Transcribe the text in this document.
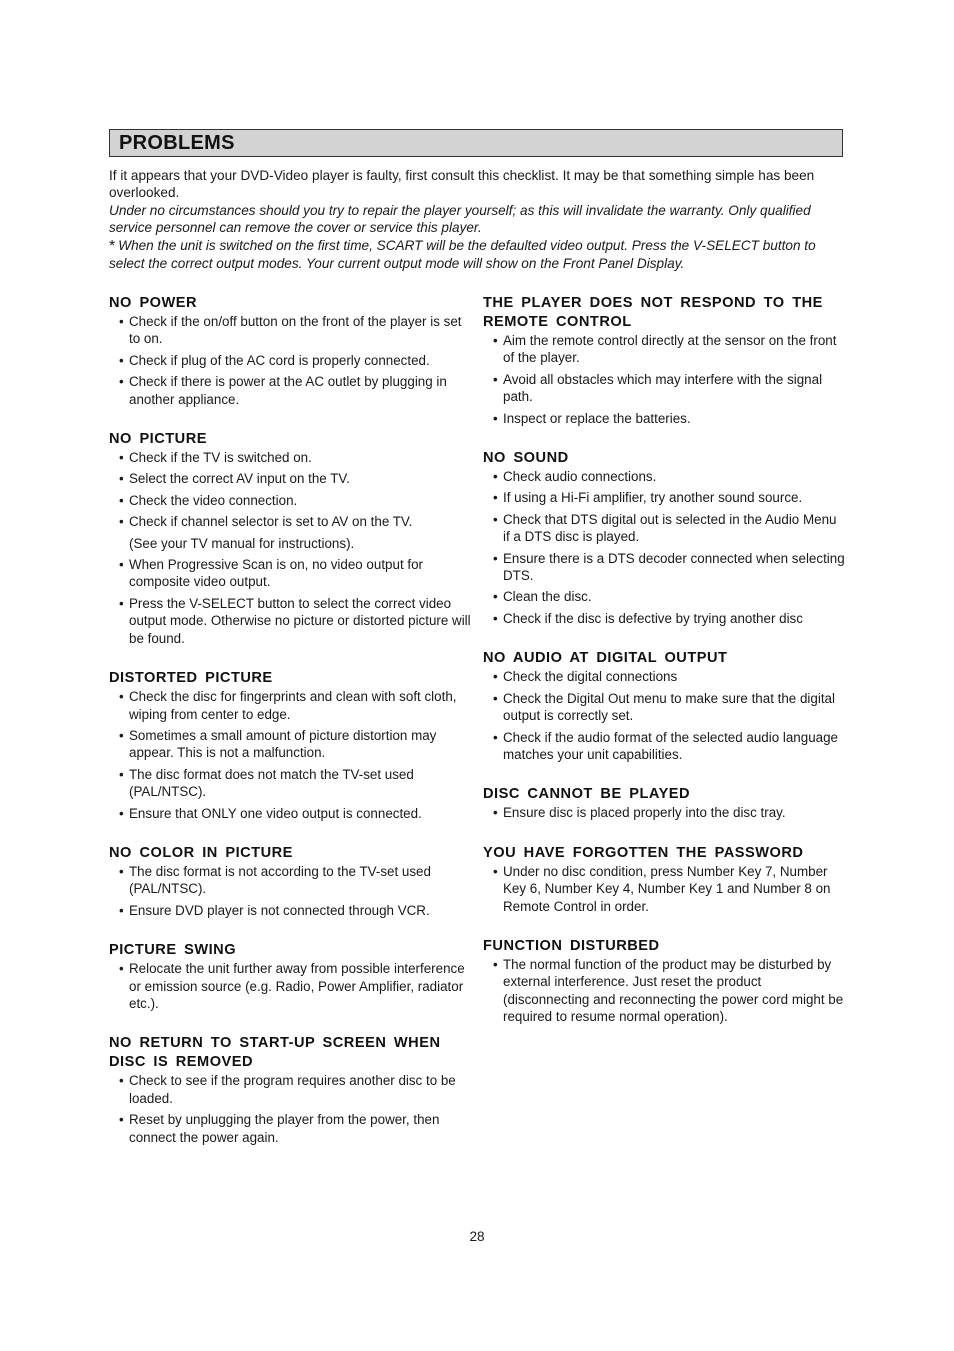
PROBLEMS

If it appears that your DVD-Video player is faulty, first consult this checklist. It may be that something simple has been overlooked.

Under no circumstances should you try to repair the player yourself; as this will invalidate the warranty. Only qualified service personnel can remove the cover or service this player.

* When the unit is switched on the first time, SCART will be the defaulted video output. Press the V-SELECT button to select the correct output modes. Your current output mode will show on the Front Panel Display.

NO POWER
• Check if the on/off button on the front of the player is set to on.
• Check if plug of the AC cord is properly connected.
• Check if there is power at the AC outlet by plugging in another appliance.
NO PICTURE
• Check if the TV is switched on.
• Select the correct AV input on the TV.
• Check the video connection.
• Check if channel selector is set to AV on the TV.
(See your TV manual for instructions).
• When Progressive Scan is on, no video output for composite video output.
• Press the V-SELECT button to select the correct video output mode. Otherwise no picture or distorted picture will be found.
DISTORTED PICTURE
• Check the disc for fingerprints and clean with soft cloth, wiping from center to edge.
• Sometimes a small amount of picture distortion may appear. This is not a malfunction.
• The disc format does not match the TV-set used (PAL/NTSC).
• Ensure that ONLY one video output is connected.
NO COLOR IN PICTURE
• The disc format is not according to the TV-set used (PAL/NTSC).
• Ensure DVD player is not connected through VCR.
PICTURE SWING
• Relocate the unit further away from possible interference or emission source (e.g. Radio, Power Amplifier, radiator etc.).
NO RETURN TO START-UP SCREEN WHEN DISC IS REMOVED
• Check to see if the program requires another disc to be loaded.
• Reset by unplugging the player from the power, then connect the power again.
THE PLAYER DOES NOT RESPOND TO THE REMOTE CONTROL
• Aim the remote control directly at the sensor on the front of the player.
• Avoid all obstacles which may interfere with the signal path.
• Inspect or replace the batteries.
NO SOUND
• Check audio connections.
• If using a Hi-Fi amplifier, try another sound source.
• Check that DTS digital out is selected in the Audio Menu if a DTS disc is played.
• Ensure there is a DTS decoder connected when selecting DTS.
• Clean the disc.
• Check if the disc is defective by trying another disc
NO AUDIO AT DIGITAL OUTPUT
• Check the digital connections
• Check the Digital Out menu to make sure that the digital output is correctly set.
• Check if the audio format of the selected audio language matches your unit capabilities.
DISC CANNOT BE PLAYED
• Ensure disc is placed properly into the disc tray.
YOU HAVE FORGOTTEN THE PASSWORD
• Under no disc condition, press Number Key 7, Number Key 6, Number Key 4, Number Key 1 and Number 8 on Remote Control in order.
FUNCTION DISTURBED
• The normal function of the product may be disturbed by external interference. Just reset the product (disconnecting and reconnecting the power cord might be required to resume normal operation).
28
